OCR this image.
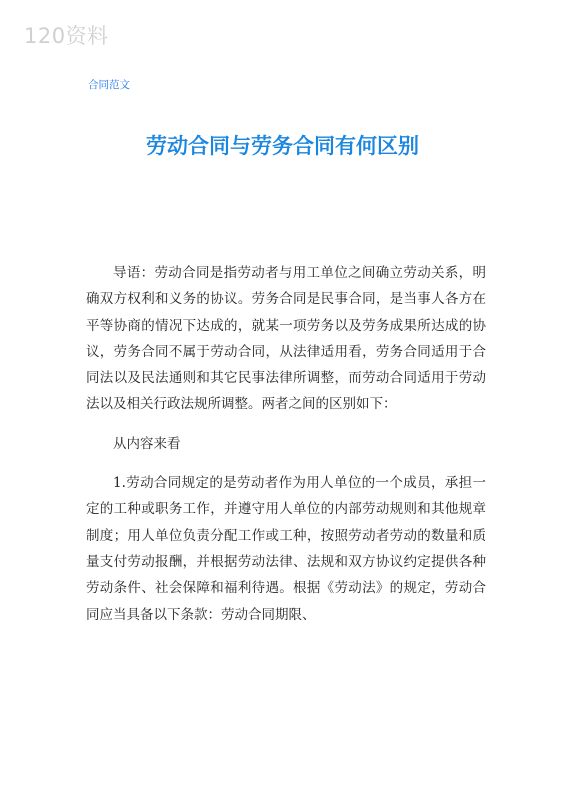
120资料
合同范文
劳动合同与劳务合同有何区别

导语：劳动合同是指劳动者与用工单位之间确立劳动关系，明确双方权利和义务的协议。劳务合同是民事合同，是当事人各方在平等协商的情况下达成的，就某一项劳务以及劳务成果所达成的协议，劳务合同不属于劳动合同，从法律适用看，劳务合同适用于合同法以及民法通则和其它民事法律所调整，而劳动合同适用于劳动法以及相关行政法规所调整。两者之间的区别如下：

从内容来看

1.劳动合同规定的是劳动者作为用人单位的一个成员，承担一定的工种或职务工作，并遵守用人单位的内部劳动规则和其他规章制度；用人单位负责分配工作或工种，按照劳动者劳动的数量和质量支付劳动报酬，并根据劳动法律、法规和双方协议约定提供各种劳动条件、社会保障和福利待遇。根据《劳动法》的规定，劳动合同应当具备以下条款：劳动合同期限、
